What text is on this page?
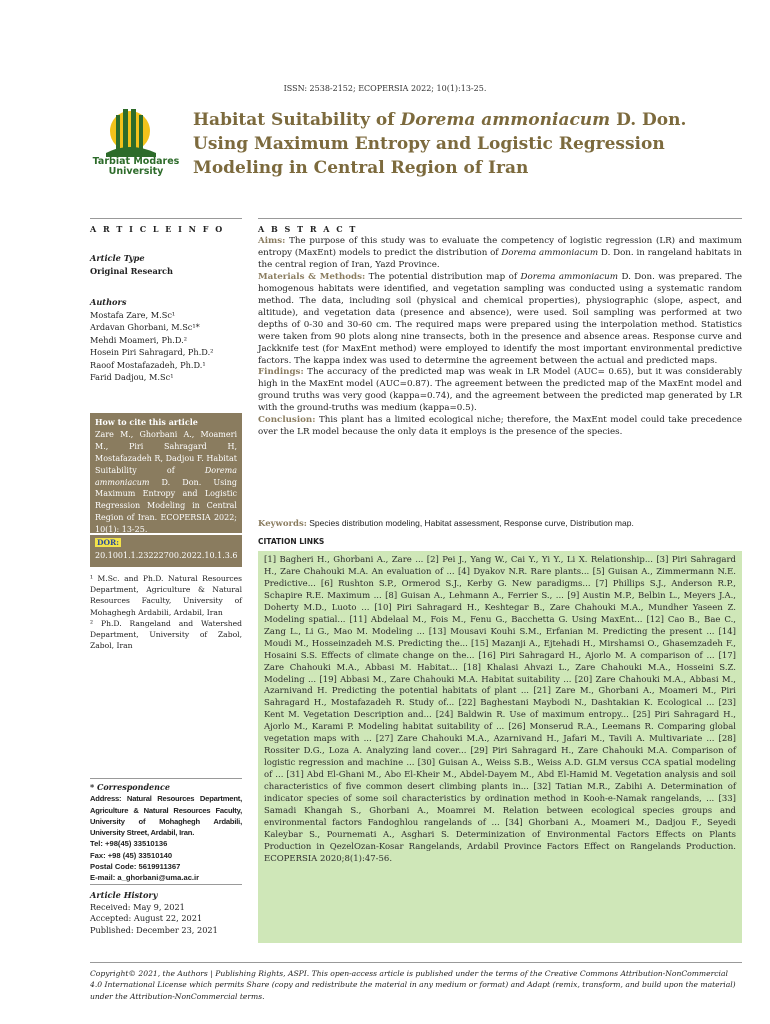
ISSN: 2538-2152; ECOPERSIA 2022; 10(1):13-25.
Tarbiat Modares
University
Habitat Suitability of Dorema ammoniacum D. Don. Using Maximum Entropy and Logistic Regression Modeling in Central Region of Iran
A R T I C L E I N F O	A B S T R A C T
Article Type
Original Research
Authors
Mostafa Zare, M.Sc¹
Ardavan Ghorbani, M.Sc¹*
Mehdi Moameri, Ph.D.²
Hosein Piri Sahragard, Ph.D.²
Raoof Mostafazadeh, Ph.D.¹
Farid Dadjou, M.Sc¹
How to cite this article
Zare M., Ghorbani A., Moameri M., Piri Sahragard H, Mostafazadeh R, Dadjou F. Habitat Suitability of Dorema ammoniacum D. Don. Using Maximum Entropy and Logistic Regression Modeling in Central Region of Iran. ECOPERSIA 2022; 10(1): 13-25.
DOR:
20.1001.1.23222700.2022.10.1.3.6
¹ M.Sc. and Ph.D. Natural Resources Department, Agriculture & Natural Resources Faculty, University of Mohaghegh Ardabili, Ardabil, Iran
² Ph.D. Rangeland and Watershed Department, University of Zabol, Zabol, Iran
* Correspondence
Address: Natural Resources Department, Agriculture & Natural Resources Faculty, University of Mohaghegh Ardabili, University Street, Ardabil, Iran.
Tel: +98(45) 33510136
Fax: +98 (45) 33510140
Postal Code: 5619911367
E-mail: a_ghorbani@uma.ac.ir
Article History
Received: May 9, 2021
Accepted: August 22, 2021
Published: December 23, 2021
Aims: The purpose of this study was to evaluate the competency of logistic regression (LR) and maximum entropy (MaxEnt) models to predict the distribution of Dorema ammoniacum D. Don. in rangeland habitats in the central region of Iran, Yazd Province.
Materials & Methods: The potential distribution map of Dorema ammoniacum D. Don. was prepared. The homogenous habitats were identified, and vegetation sampling was conducted using a systematic random method. The data, including soil (physical and chemical properties), physiographic (slope, aspect, and altitude), and vegetation data (presence and absence), were used. Soil sampling was performed at two depths of 0-30 and 30-60 cm. The required maps were prepared using the interpolation method. Statistics were taken from 90 plots along nine transects, both in the presence and absence areas. Response curve and Jackknife test (for MaxEnt method) were employed to identify the most important environmental predictive factors. The kappa index was used to determine the agreement between the actual and predicted maps.
Findings: The accuracy of the predicted map was weak in LR Model (AUC= 0.65), but it was considerably high in the MaxEnt model (AUC=0.87). The agreement between the predicted map of the MaxEnt model and ground truths was very good (kappa=0.74), and the agreement between the predicted map generated by LR with the ground-truths was medium (kappa=0.5).
Conclusion: This plant has a limited ecological niche; therefore, the MaxEnt model could take precedence over the LR model because the only data it employs is the presence of the species.
Keywords: Species distribution modeling, Habitat assessment, Response curve, Distribution map.
CITATION LINKS
[1] Bagheri H., Ghorbani A., Zare ... [2] Pei J., Yang W., Cai Y., Yi Y., Li X. Relationship... [3] Piri Sahragard H., Zare Chahouki M.A. An evaluation of ... [4] Dyakov N.R. Rare plants... [5] Guisan A., Zimmermann N.E. Predictive... [6] Rushton S.P., Ormerod S.J., Kerby G. New paradigms... [7] Phillips S.J., Anderson R.P., Schapire R.E. Maximum ... [8] Guisan A., Lehmann A., Ferrier S., ... [9] Austin M.P., Belbin L., Meyers J.A., Doherty M.D., Luoto ... [10] Piri Sahragard H., Keshtegar B., Zare Chahouki M.A., Mundher Yaseen Z. Modeling spatial... [11] Abdelaal M., Fois M., Fenu G., Bacchetta G. Using MaxEnt... [12] Cao B., Bae C., Zang L., Li G., Mao M. Modeling ... [13] Mousavi Kouhi S.M., Erfanian M. Predicting the present ... [14] Moudi M., Hosseinzadeh M.S. Predicting the... [15] Mazanji A., Ejtehadi H., Mirshamsi O., Ghasemzadeh F., Hosaini S.S. Effects of climate change on the... [16] Piri Sahragard H., Ajorlo M. A comparison of ... [17] Zare Chahouki M.A., Abbasi M. Habitat... [18] Khalasi Ahvazi L., Zare Chahouki M.A., Hosseini S.Z. Modeling ... [19] Abbasi M., Zare Chahouki M.A. Habitat suitability ... [20] Zare Chahouki M.A., Abbasi M., Azarnivand H. Predicting the potential habitats of plant ... [21] Zare M., Ghorbani A., Moameri M., Piri Sahragard H., Mostafazadeh R. Study of... [22] Baghestani Maybodi N., Dashtakian K. Ecological ... [23] Kent M. Vegetation Description and... [24] Baldwin R. Use of maximum entropy... [25] Piri Sahragard H., Ajorlo M., Karami P. Modeling habitat suitability of ... [26] Monserud R.A., Leemans R. Comparing global vegetation maps with ... [27] Zare Chahouki M.A., Azarnivand H., Jafari M., Tavili A. Multivariate ... [28] Rossiter D.G., Loza A. Analyzing land cover... [29] Piri Sahragard H., Zare Chahouki M.A. Comparison of logistic regression and machine ... [30] Guisan A., Weiss S.B., Weiss A.D. GLM versus CCA spatial modeling of ... [31] Abd El-Ghani M., Abo El-Kheir M., Abdel-Dayem M., Abd El-Hamid M. Vegetation analysis and soil characteristics of five common desert climbing plants in... [32] Tatian M.R., Zabihi A. Determination of indicator species of some soil characteristics by ordination method in Kooh-e-Namak rangelands, ... [33] Samadi Khangah S., Ghorbani A., Moamrei M. Relation between ecological species groups and environmental factors Fandoghlou rangelands of ... [34] Ghorbani A., Moameri M., Dadjou F., Seyedi Kaleybar S., Pournemati A., Asghari S. Determinization of Environmental Factors Effects on Plants Production in QezelOzan-Kosar Rangelands, Ardabil Province Factors Effect on Rangelands Production. ECOPERSIA 2020;8(1):47-56.
Copyright© 2021, the Authors | Publishing Rights, ASPI. This open-access article is published under the terms of the Creative Commons Attribution-NonCommercial 4.0 International License which permits Share (copy and redistribute the material in any medium or format) and Adapt (remix, transform, and build upon the material) under the Attribution-NonCommercial terms.
